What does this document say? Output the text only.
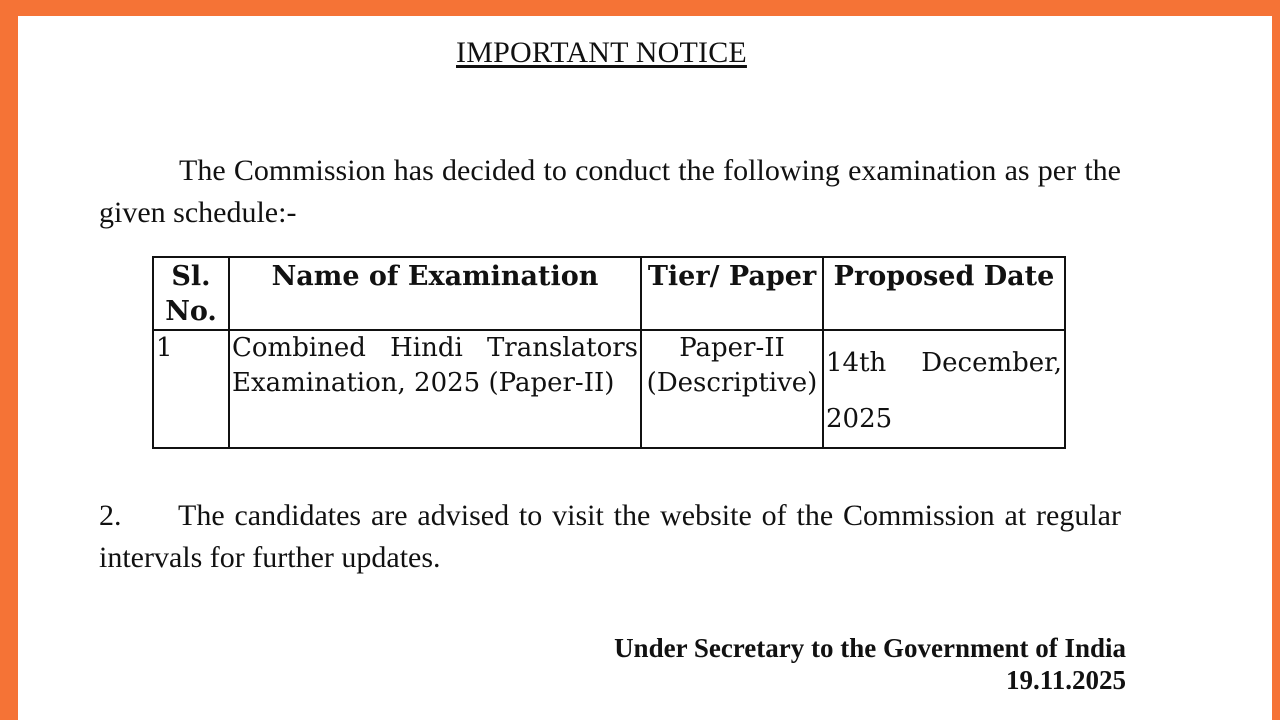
IMPORTANT NOTICE
The Commission has decided to conduct the following examination as per the given schedule:-
Sl. No.	Name of Examination	Tier/ Paper	Proposed Date
1	Combined Hindi Translators Examination, 2025 (Paper-II)	Paper-II (Descriptive)	14th December, 2025
2. The candidates are advised to visit the website of the Commission at regular intervals for further updates.
Under Secretary to the Government of India
19.11.2025
